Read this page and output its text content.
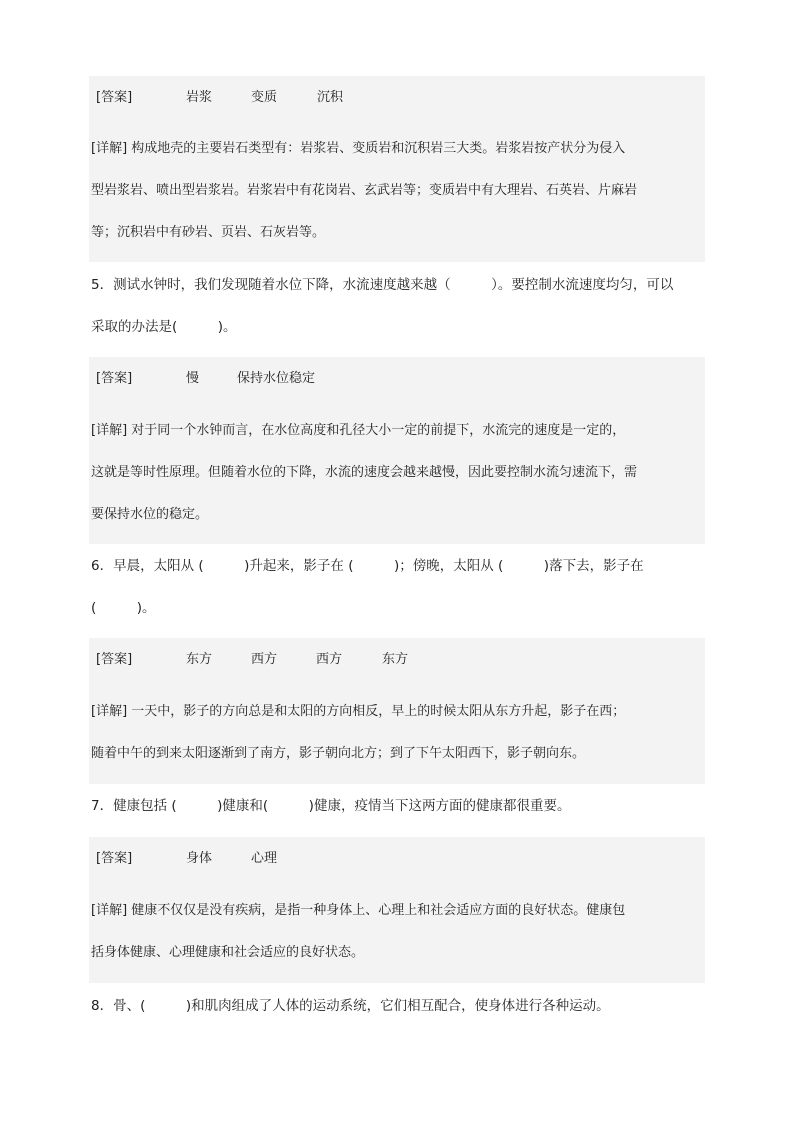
[答案]	岩浆	变质	沉积
[详解] 构成地壳的主要岩石类型有：岩浆岩、变质岩和沉积岩三大类。岩浆岩按产状分为侵入
型岩浆岩、喷出型岩浆岩。岩浆岩中有花岗岩、玄武岩等；变质岩中有大理岩、石英岩、片麻岩
等；沉积岩中有砂岩、页岩、石灰岩等。
5．测试水钟时，我们发现随着水位下降，水流速度越来越（　　　）。要控制水流速度均匀，可以
采取的办法是(　　　)。
[答案]	慢	保持水位稳定
[详解] 对于同一个水钟而言，在水位高度和孔径大小一定的前提下，水流完的速度是一定的，
这就是等时性原理。但随着水位的下降，水流的速度会越来越慢，因此要控制水流匀速流下，需
要保持水位的稳定。
6．早晨，太阳从 (　　　)升起来，影子在 (　　　)；傍晚，太阳从 (　　　)落下去，影子在
(　　　)。
[答案]	东方	西方	西方	东方
[详解] 一天中，影子的方向总是和太阳的方向相反，早上的时候太阳从东方升起，影子在西；
随着中午的到来太阳逐渐到了南方，影子朝向北方；到了下午太阳西下，影子朝向东。
7．健康包括 (　　　)健康和(　　　)健康，疫情当下这两方面的健康都很重要。
[答案]	身体	心理
[详解] 健康不仅仅是没有疾病，是指一种身体上、心理上和社会适应方面的良好状态。健康包
括身体健康、心理健康和社会适应的良好状态。
8．骨、(　　　)和肌肉组成了人体的运动系统，它们相互配合，使身体进行各种运动。
